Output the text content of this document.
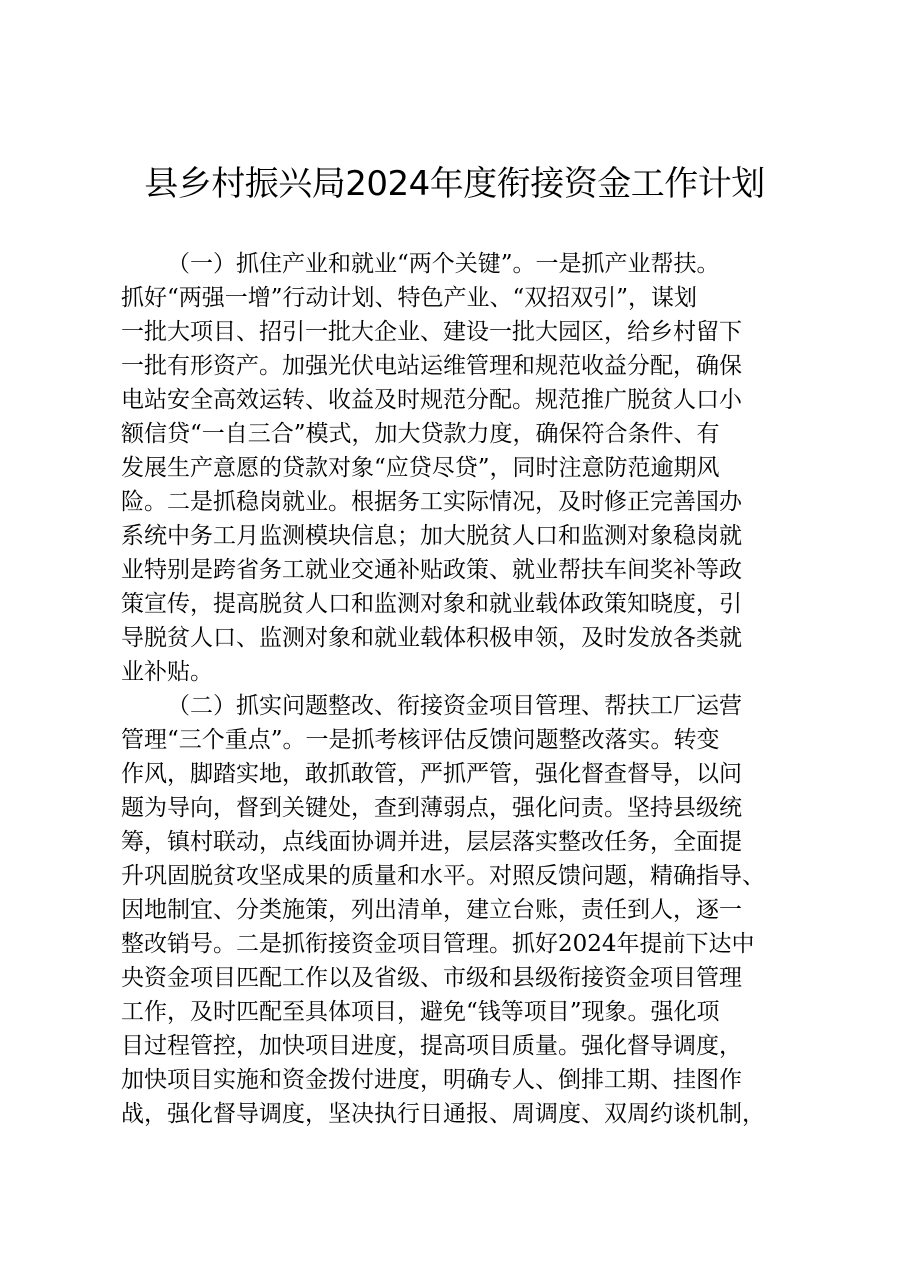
县乡村振兴局2024年度衔接资金工作计划

（一）抓住产业和就业“两个关键”。一是抓产业帮扶。
抓好“两强一增”行动计划、特色产业、“双招双引”，谋划
一批大项目、招引一批大企业、建设一批大园区，给乡村留下
一批有形资产。加强光伏电站运维管理和规范收益分配，确保
电站安全高效运转、收益及时规范分配。规范推广脱贫人口小
额信贷“一自三合”模式，加大贷款力度，确保符合条件、有
发展生产意愿的贷款对象“应贷尽贷”，同时注意防范逾期风
险。二是抓稳岗就业。根据务工实际情况，及时修正完善国办
系统中务工月监测模块信息；加大脱贫人口和监测对象稳岗就
业特别是跨省务工就业交通补贴政策、就业帮扶车间奖补等政
策宣传，提高脱贫人口和监测对象和就业载体政策知晓度，引
导脱贫人口、监测对象和就业载体积极申领，及时发放各类就
业补贴。

（二）抓实问题整改、衔接资金项目管理、帮扶工厂运营
管理“三个重点”。一是抓考核评估反馈问题整改落实。转变
作风，脚踏实地，敢抓敢管，严抓严管，强化督查督导，以问
题为导向，督到关键处，查到薄弱点，强化问责。坚持县级统
筹，镇村联动，点线面协调并进，层层落实整改任务，全面提
升巩固脱贫攻坚成果的质量和水平。对照反馈问题，精确指导、
因地制宜、分类施策，列出清单，建立台账，责任到人，逐一
整改销号。二是抓衔接资金项目管理。抓好2024年提前下达中
央资金项目匹配工作以及省级、市级和县级衔接资金项目管理
工作，及时匹配至具体项目，避免“钱等项目”现象。强化项
目过程管控，加快项目进度，提高项目质量。强化督导调度，
加快项目实施和资金拨付进度，明确专人、倒排工期、挂图作
战，强化督导调度，坚决执行日通报、周调度、双周约谈机制，
